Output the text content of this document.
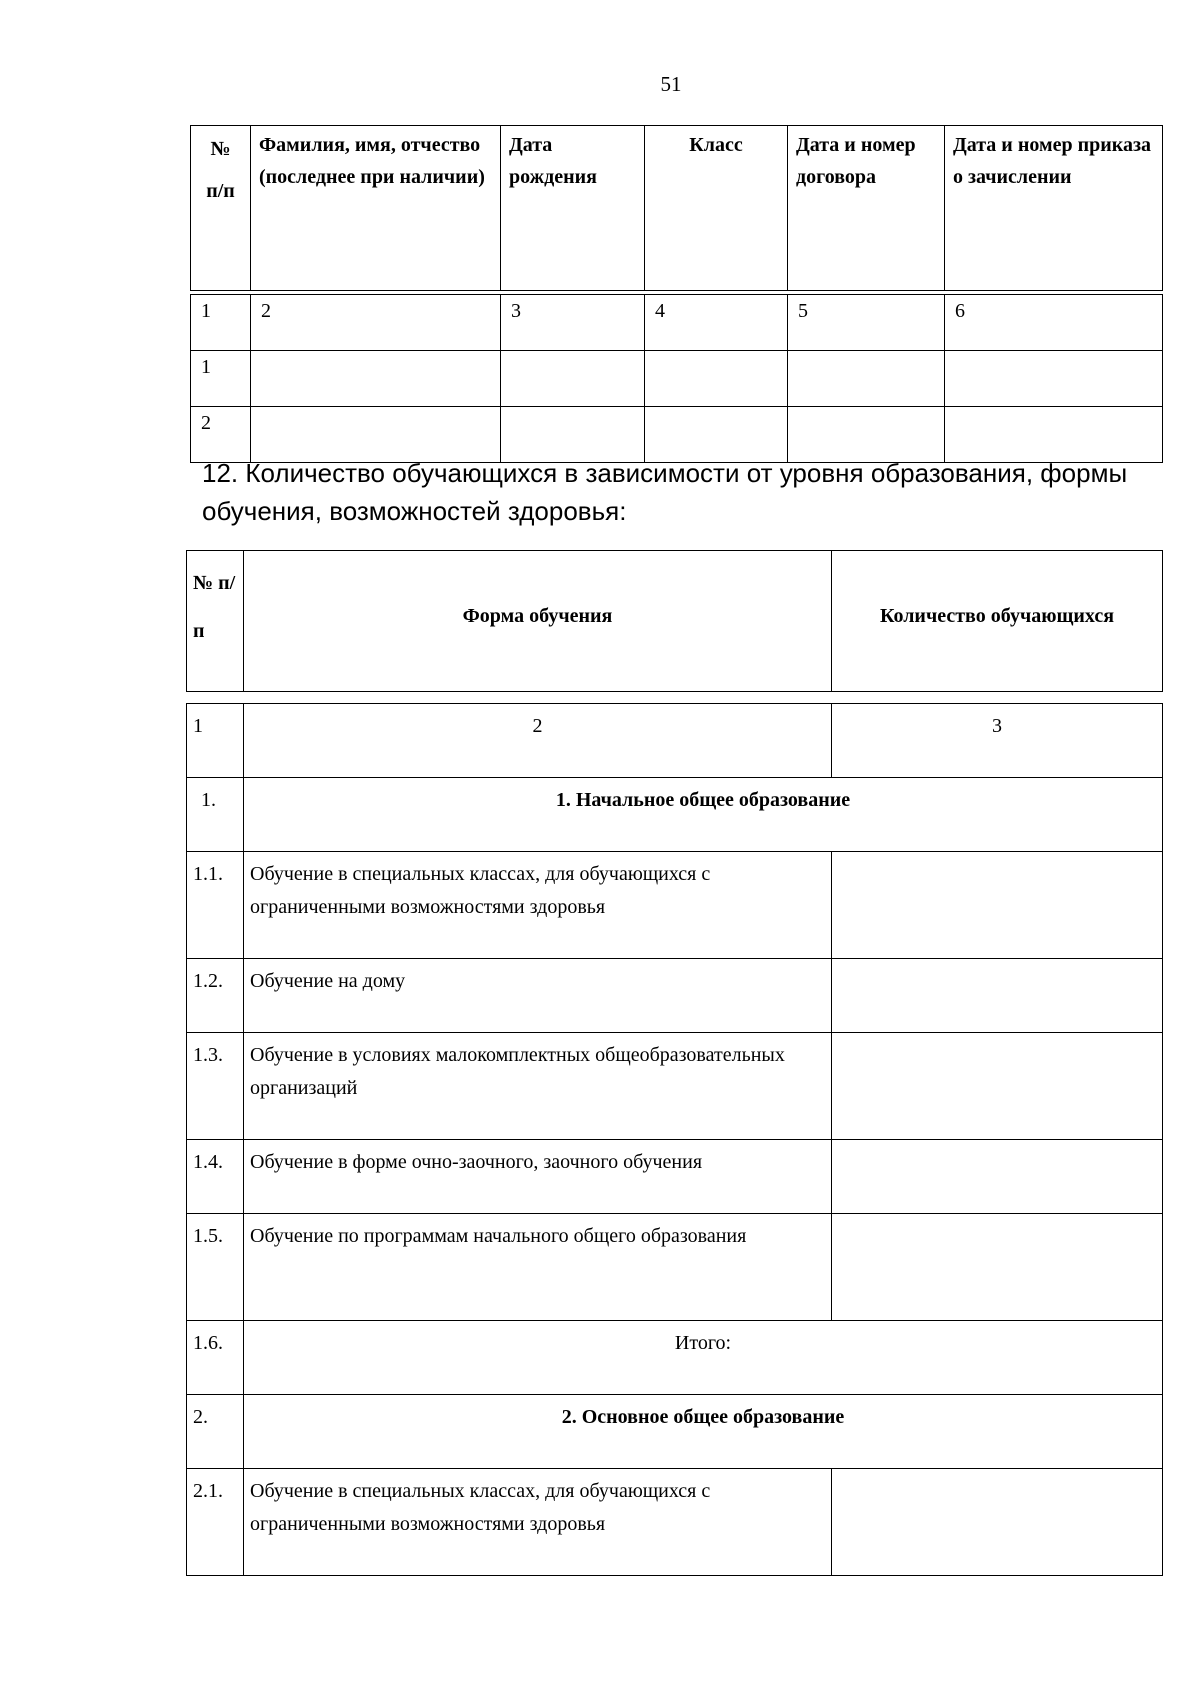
51
№
п/п	Фамилия, имя, отчество (последнее при наличии)	Дата рождения	Класс	Дата и номер договора	Дата и номер приказа о зачислении
1	2	3	4	5	6
1					
2					
12. Количество обучающихся в зависимости от уровня образования, формы обучения, возможностей здоровья:
№ п/п	Форма обучения	Количество обучающихся
1	2	3
1.	1. Начальное общее образование	
1.1.	Обучение в специальных классах, для обучающихся с ограниченными возможностями здоровья	
1.2.	Обучение на дому	
1.3.	Обучение в условиях малокомплектных общеобразовательных организаций	
1.4.	Обучение в форме очно-заочного, заочного обучения	
1.5.	Обучение по программам начального общего образования	
1.6.	Итого:	
2.	2. Основное общее образование	
2.1.	Обучение в специальных классах, для обучающихся с ограниченными возможностями здоровья	
